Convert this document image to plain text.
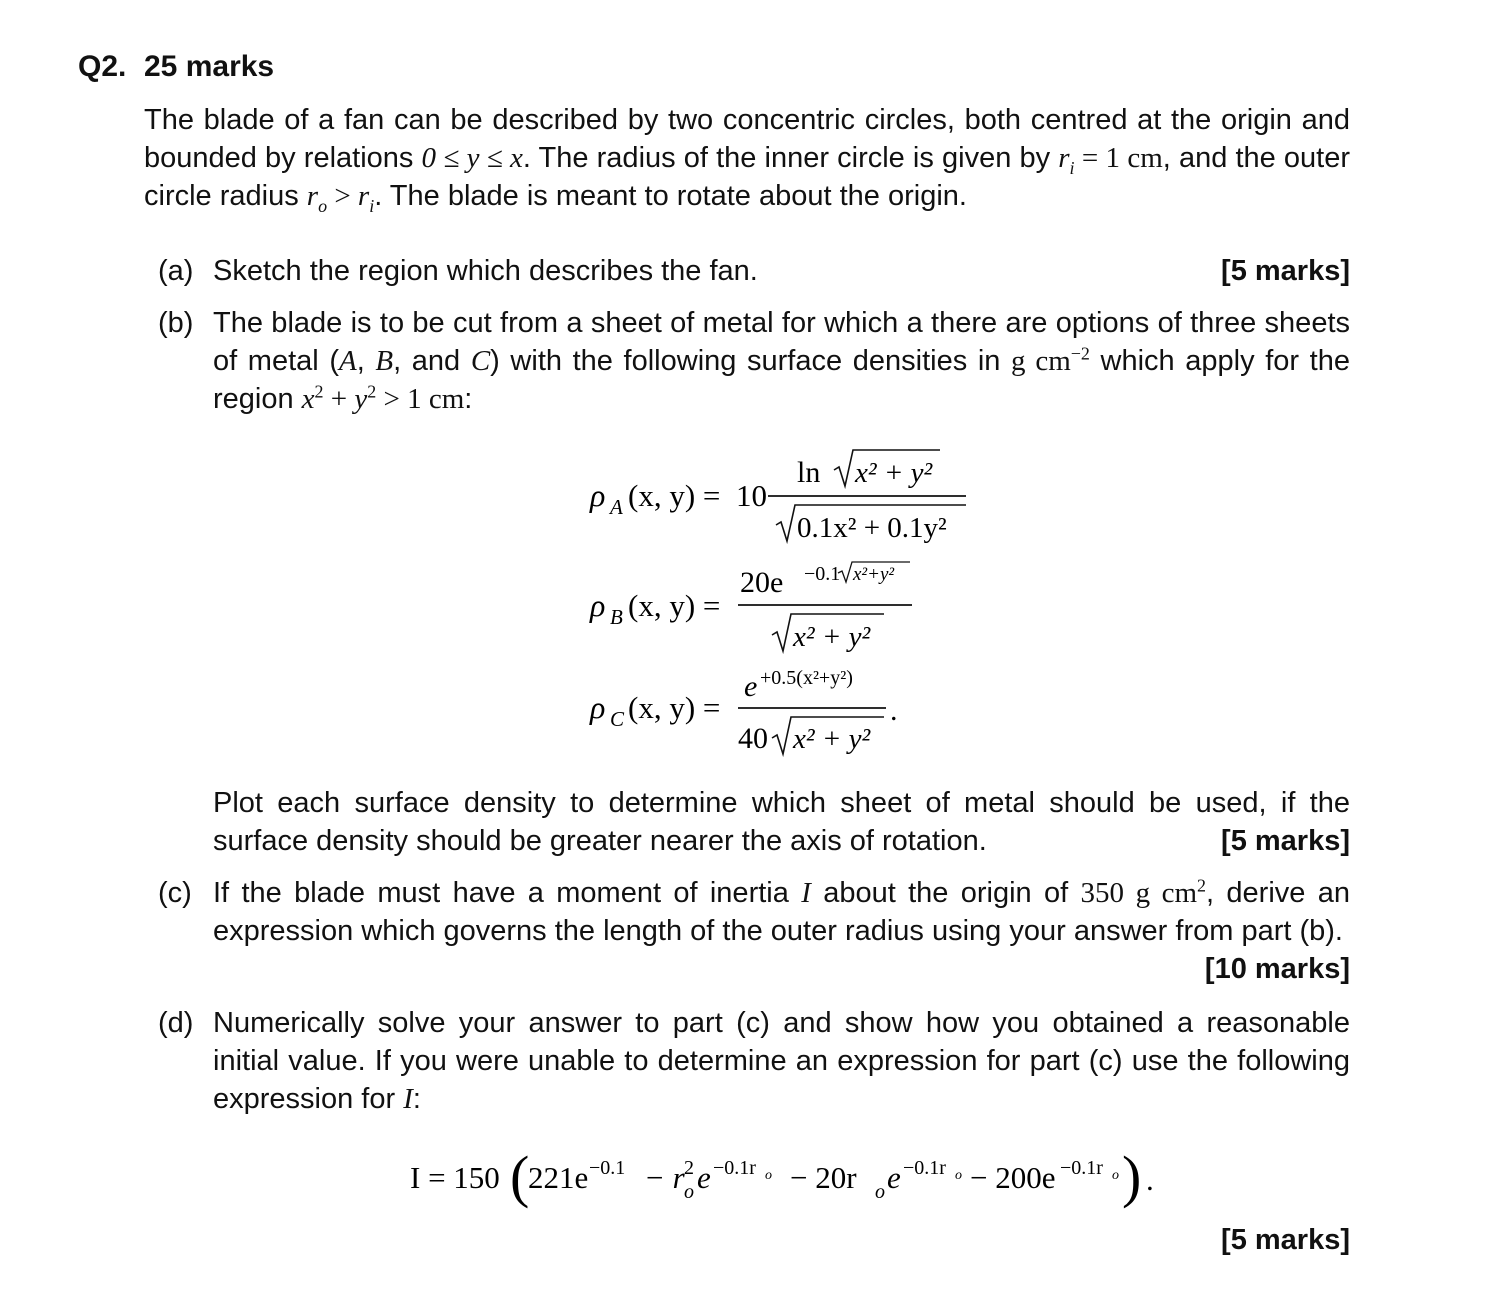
Q2. 25 marks
The blade of a fan can be described by two concentric circles, both centred at the origin and bounded by relations 0 ≤ y ≤ x. The radius of the inner circle is given by $r_i = 1$ cm, and the outer circle radius $r_o > r_i$. The blade is meant to rotate about the origin.
(a) Sketch the region which describes the fan.	[5 marks]
(b) The blade is to be cut from a sheet of metal for which a there are options of three sheets of metal (A, B, and C) with the following surface densities in g $cm^{-2}$ which apply for the region $x^2 + y^2 > 1$ cm:
ρ A (x, y) = 10
ln x² + y²
0.1x² + 0.1y²
ρ B (x, y) =
20e −0.1 x²+y²
x² + y²
ρ C (x, y) =
e +0.5(x²+y²)
40 x² + y²
.
Plot each surface density to determine which sheet of metal should be used, if the surface density should be greater nearer the axis of rotation.	[5 marks]
(c) If the blade must have a moment of inertia I about the origin of 350 g $cm^2$, derive an expression which governs the length of the outer radius using your answer from part (b).
[10 marks]
(d) Numerically solve your answer to part (c) and show how you obtained a reasonable initial value. If you were unable to determine an expression for part (c) use the following expression for I:
I = 150 (
221e −0.1 − r 2
o e −0.1r o − 20r o e −0.1r o − 200e −0.1r o ) .
[5 marks]
